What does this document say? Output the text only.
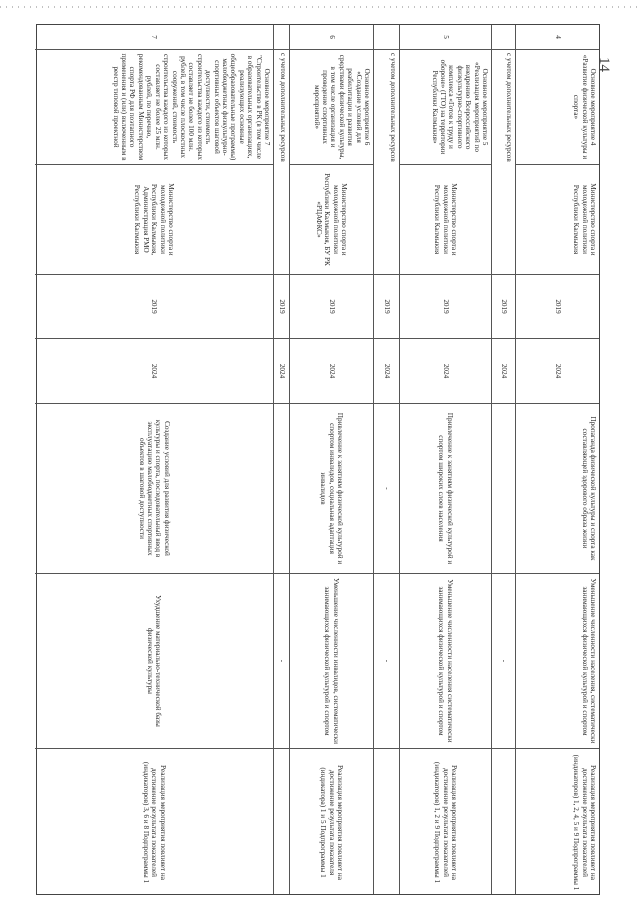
4
Основное мероприятие 4 «Развитие физической культуры и спорта»
Министерство спорта и молодежной политики Республики Калмыкия
2019
2024
Пропаганда физической культуры и спорта как составляющей здорового образа жизни
Уменьшение численности населения, систематически занимающихся физической культурой и спортом
Реализация мероприятия повлияет на достижение результата показателей (индикаторов) 1, 2, 4, 5 и 9 Подпрограммы 1
с учетом дополнительных ресурсов
2019
2024
-
5
Основное мероприятие 5 «Реализация мероприятий по внедрению Всероссийского физкультурно-спортивного комплекса «Готов к труду и обороне» (ГТО) на территории Республики Калмыкия»
Министерство спорта и молодежной политики Республики Калмыкия
2019
2024
Привлечение к занятиям физической культурой и спортом широких слоев населения
Уменьшение численности населения систематически занимающихся физической культурой и спортом
Реализация мероприятия повлияет на достижение результата показателей (индикаторов) 1, 2 и 9 Подпрограммы 1
с учетом дополнительных ресурсов
2019
2024
-
-
6
Основное мероприятие 6 «Создание условий для реабилитации и развития средствами физической культуры, в том числе организация и проведение спортивных мероприятий»
Министерство спорта и молодежной политики Республики Калмыкия, БУ РК «РЦАФКС»
2019
2024
Привлечение к занятиям физической культурой и спортом инвалидов, социальная адаптация инвалидов
Уменьшение численности инвалидов, систематически занимающихся физической культурой и спортом
Реализация мероприятия повлияет на достижение результата показателя (индикатора) 1 и 5 Подпрограммы 1
с учетом дополнительных ресурсов
2019
2024
-
7
Основное мероприятие 7 "Строительство в РК (в том числе в образовательных организациях, реализующих основные общеобразовательные программы) малобюджетных физкультурно-спортивных объектов шаговой доступности, стоимость строительства каждого из которых составляет не более 100 млн. рублей, в том числе плоскостных сооружений, стоимость строительства каждого из которых составляет не более 25 млн. рублей, по перечню, рекомендованным Министерством спорта РФ для поэтапного применения и (или) включенным в реестр типовой проектной
Министерство спорта и молодежной политики Республики Калмыкия, Администрация РМО Республики Калмыкия
2019
2024
Создание условий для развития физической культуры и спорта, последовательный ввод в эксплуатацию малобюджетных спортивных объектов в шаговой доступности
Ухудшение материально-технической базы физической культуры
Реализация мероприятия повлияет на достижение результата показателей (индикаторов) 3, 6 и 8 Подпрограммы 1
14
